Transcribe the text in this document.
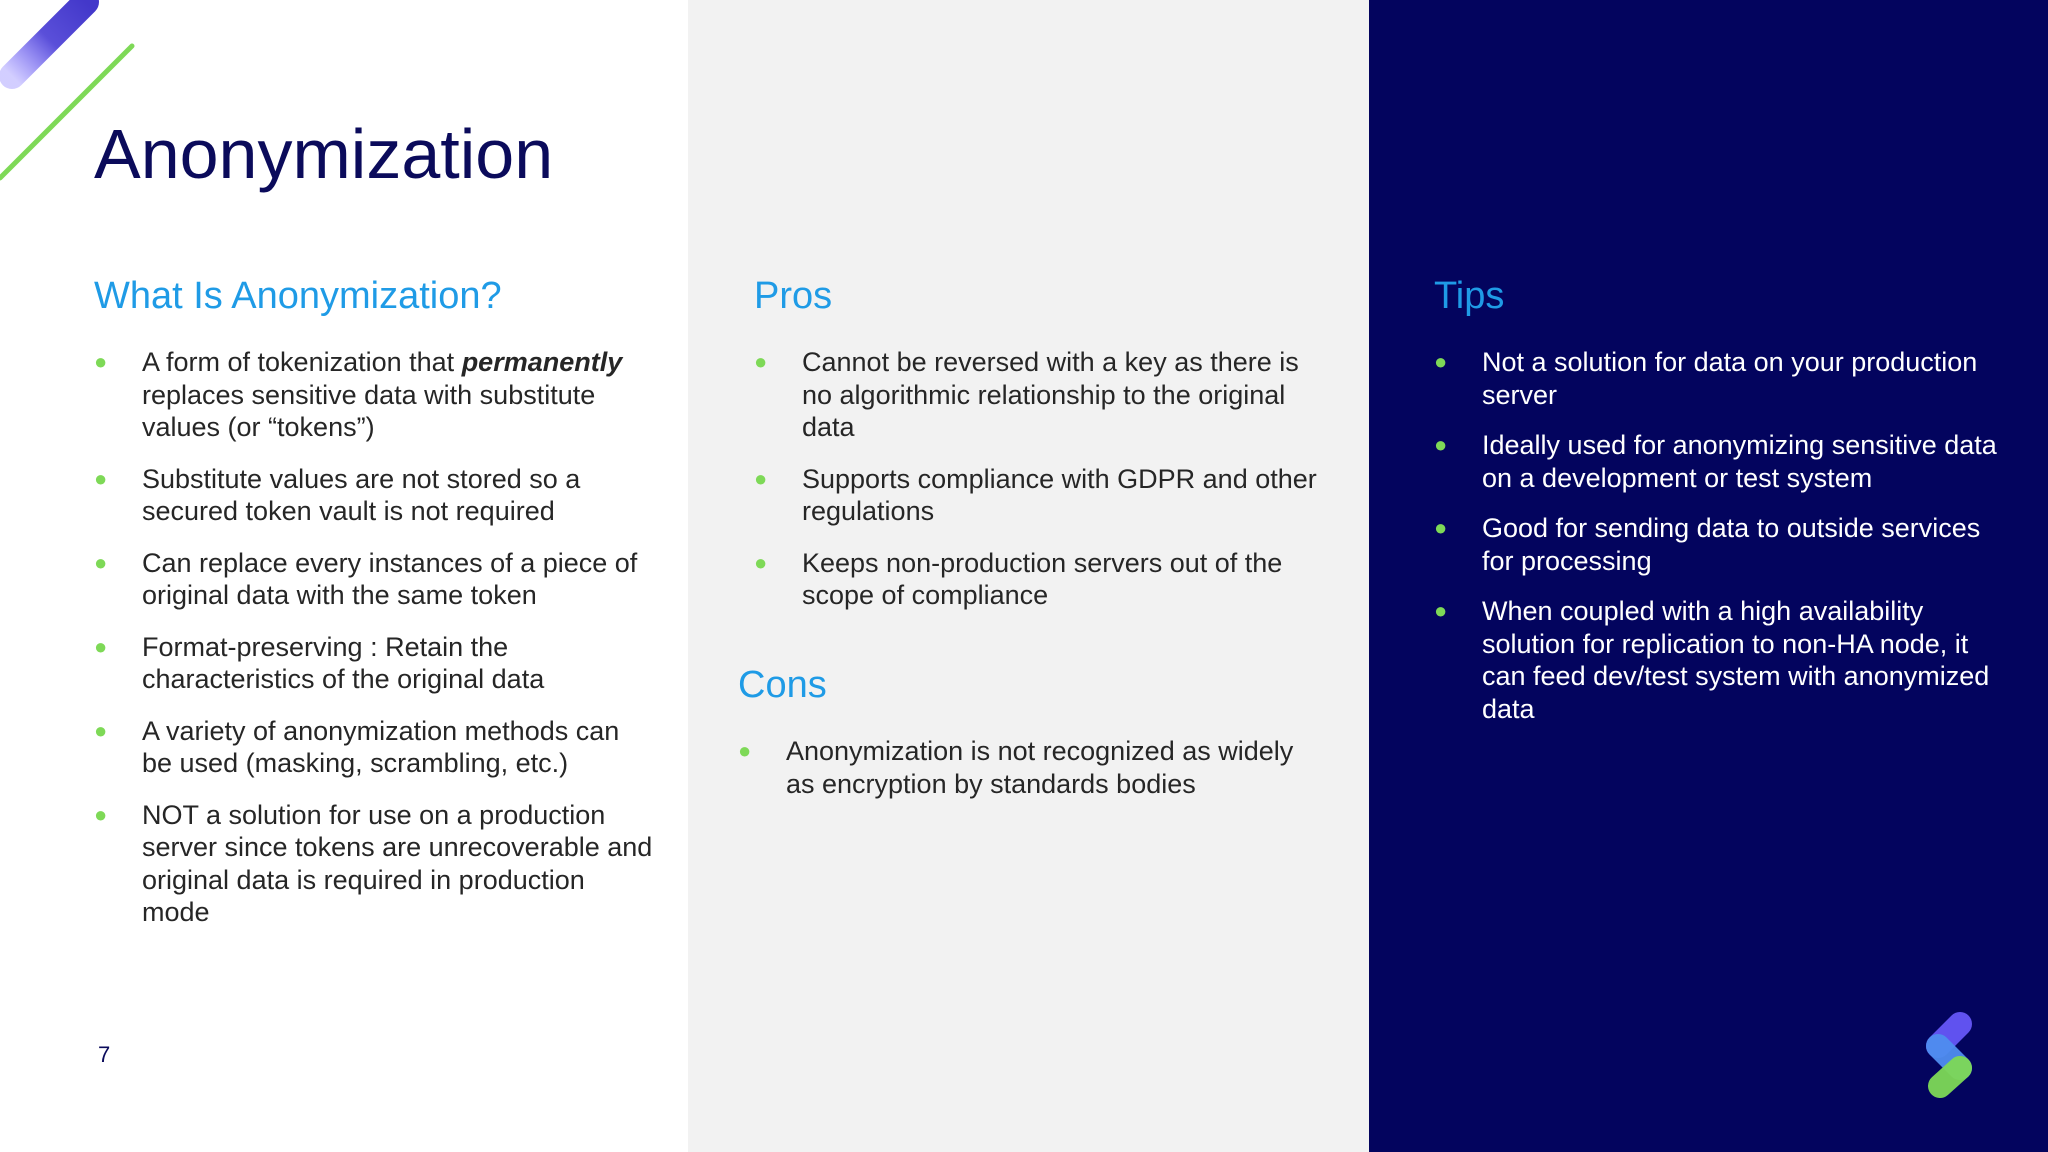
Anonymization
What Is Anonymization?
● A form of tokenization that permanently replaces sensitive data with substitute values (or “tokens”)
● Substitute values are not stored so a secured token vault is not required
● Can replace every instances of a piece of original data with the same token
● Format-preserving : Retain the characteristics of the original data
● A variety of anonymization methods can be used (masking, scrambling, etc.)
● NOT a solution for use on a production server since tokens are unrecoverable and original data is required in production mode
Pros
● Cannot be reversed with a key as there is no algorithmic relationship to the original data
● Supports compliance with GDPR and other regulations
● Keeps non-production servers out of the scope of compliance
Cons
● Anonymization is not recognized as widely as encryption by standards bodies
Tips
● Not a solution for data on your production server
● Ideally used for anonymizing sensitive data on a development or test system
● Good for sending data to outside services for processing
● When coupled with a high availability solution for replication to non-HA node, it can feed dev/test system with anonymized data
7
